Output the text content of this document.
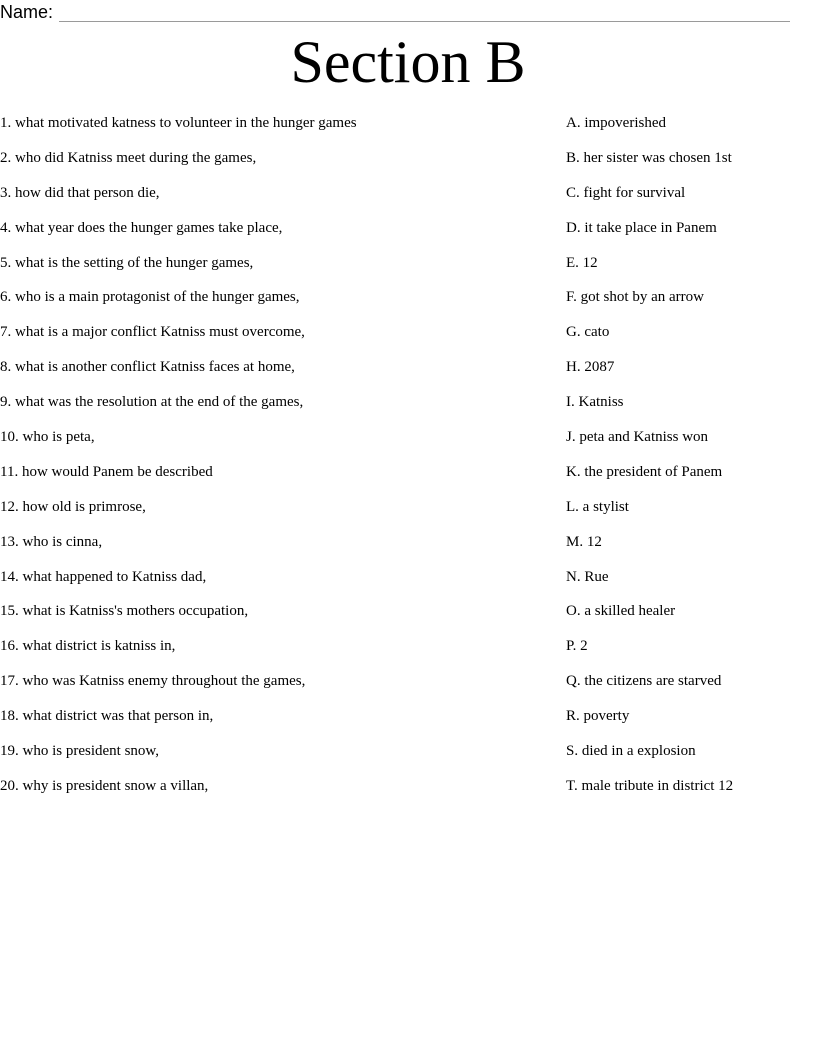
Name:
Section B
1. what motivated katness to volunteer in the hunger games
2. who did Katniss meet during the games,
3. how did that person die,
4. what year does the hunger games take place,
5. what is the setting of the hunger games,
6. who is a main protagonist of the hunger games,
7. what is a major conflict Katniss must overcome,
8. what is another conflict Katniss faces at home,
9. what was the resolution at the end of the games,
10. who is peta,
11. how would Panem be described
12. how old is primrose,
13. who is cinna,
14. what happened to Katniss dad,
15. what is Katniss's mothers occupation,
16. what district is katniss in,
17. who was Katniss enemy throughout the games,
18. what district was that person in,
19. who is president snow,
20. why is president snow a villan,
A. impoverished
B. her sister was chosen 1st
C. fight for survival
D. it take place in Panem
E. 12
F. got shot by an arrow
G. cato
H. 2087
I. Katniss
J. peta and Katniss won
K. the president of Panem
L. a stylist
M. 12
N. Rue
O. a skilled healer
P. 2
Q. the citizens are starved
R. poverty
S. died in a explosion
T. male tribute in district 12
